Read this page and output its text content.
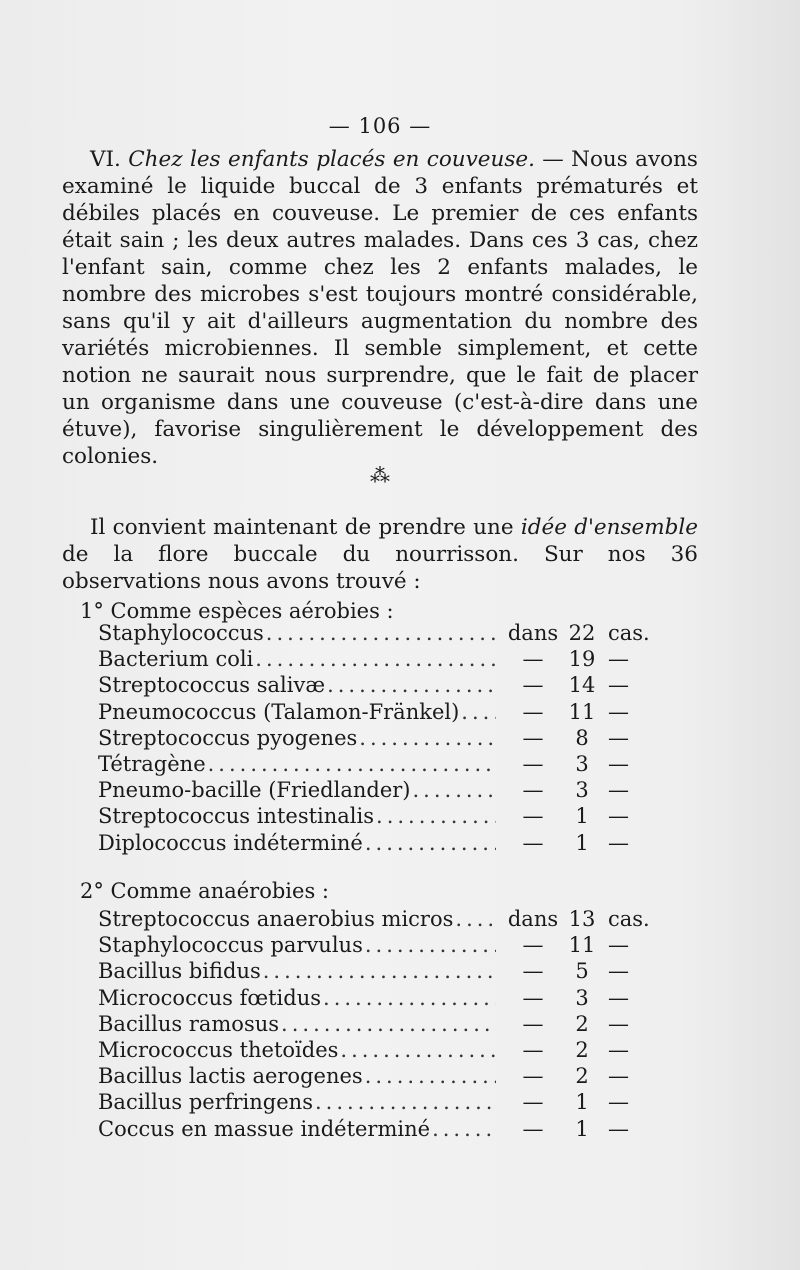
— 106 —

VI. Chez les enfants placés en couveuse. — Nous avons examiné le liquide buccal de 3 enfants prématurés et débiles placés en couveuse. Le premier de ces enfants était sain ; les deux autres malades. Dans ces 3 cas, chez l'enfant sain, comme chez les 2 enfants malades, le nombre des microbes s'est toujours montré considérable, sans qu'il y ait d'ailleurs augmentation du nombre des variétés microbiennes. Il semble simplement, et cette notion ne saurait nous surprendre, que le fait de placer un organisme dans une couveuse (c'est-à-dire dans une étuve), favorise singulièrement le développement des colonies.

⁂

Il convient maintenant de prendre une idée d'ensemble de la flore buccale du nourrisson. Sur nos 36 observations nous avons trouvé :

1° Comme espèces aérobies :
Staphylococcus .....	dans 22 cas.
Bacterium coli .....	—	19 —
Streptococcus salivæ .....	—	14 —
Pneumococcus (Talamon-Fränkel) .....	—	11 —
Streptococcus pyogenes .....	—	8 —
Tétragène .....	—	3 —
Pneumo-bacille (Friedlander) .....	—	3 —
Streptococcus intestinalis .....	—	1 —
Diplococcus indéterminé .....	—	1 —
2° Comme anaérobies :
Streptococcus anaerobius micros .....	dans 13 cas.
Staphylococcus parvulus .....	—	11 —
Bacillus bifidus .....	—	5 —
Micrococcus fœtidus .....	—	3 —
Bacillus ramosus .....	—	2 —
Micrococcus thetoïdes .....	—	2 —
Bacillus lactis aerogenes .....	—	2 —
Bacillus perfringens .....	—	1 —
Coccus en massue indéterminé .....	—	1 —
